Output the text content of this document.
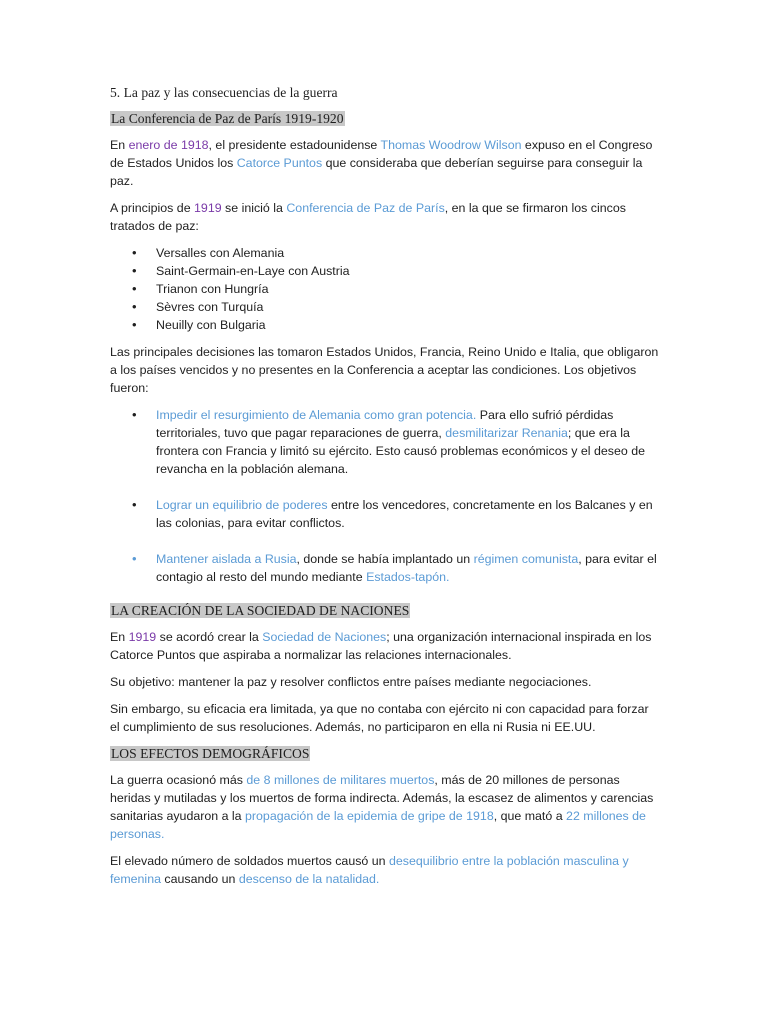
5. La paz y las consecuencias de la guerra
La Conferencia de Paz de París 1919-1920

En enero de 1918, el presidente estadounidense Thomas Woodrow Wilson expuso en el Congreso de Estados Unidos los Catorce Puntos que consideraba que deberían seguirse para conseguir la paz.

A principios de 1919 se inició la Conferencia de Paz de París, en la que se firmaron los cincos tratados de paz:

• Versalles con Alemania
• Saint-Germain-en-Laye con Austria
• Trianon con Hungría
• Sèvres con Turquía
• Neuilly con Bulgaria

Las principales decisiones las tomaron Estados Unidos, Francia, Reino Unido e Italia, que obligaron a los países vencidos y no presentes en la Conferencia a aceptar las condiciones. Los objetivos fueron:

• Impedir el resurgimiento de Alemania como gran potencia. Para ello sufrió pérdidas territoriales, tuvo que pagar reparaciones de guerra, desmilitarizar Renania; que era la frontera con Francia y limitó su ejército. Esto causó problemas económicos y el deseo de revancha en la población alemana.
• Lograr un equilibrio de poderes entre los vencedores, concretamente en los Balcanes y en las colonias, para evitar conflictos.
• Mantener aislada a Rusia, donde se había implantado un régimen comunista, para evitar el contagio al resto del mundo mediante Estados-tapón.
LA CREACIÓN DE LA SOCIEDAD DE NACIONES

En 1919 se acordó crear la Sociedad de Naciones; una organización internacional inspirada en los Catorce Puntos que aspiraba a normalizar las relaciones internacionales.

Su objetivo: mantener la paz y resolver conflictos entre países mediante negociaciones.

Sin embargo, su eficacia era limitada, ya que no contaba con ejército ni con capacidad para forzar el cumplimiento de sus resoluciones. Además, no participaron en ella ni Rusia ni EE.UU.

LOS EFECTOS DEMOGRÁFICOS

La guerra ocasionó más de 8 millones de militares muertos, más de 20 millones de personas heridas y mutiladas y los muertos de forma indirecta. Además, la escasez de alimentos y carencias sanitarias ayudaron a la propagación de la epidemia de gripe de 1918, que mató a 22 millones de personas.

El elevado número de soldados muertos causó un desequilibrio entre la población masculina y femenina causando un descenso de la natalidad.
